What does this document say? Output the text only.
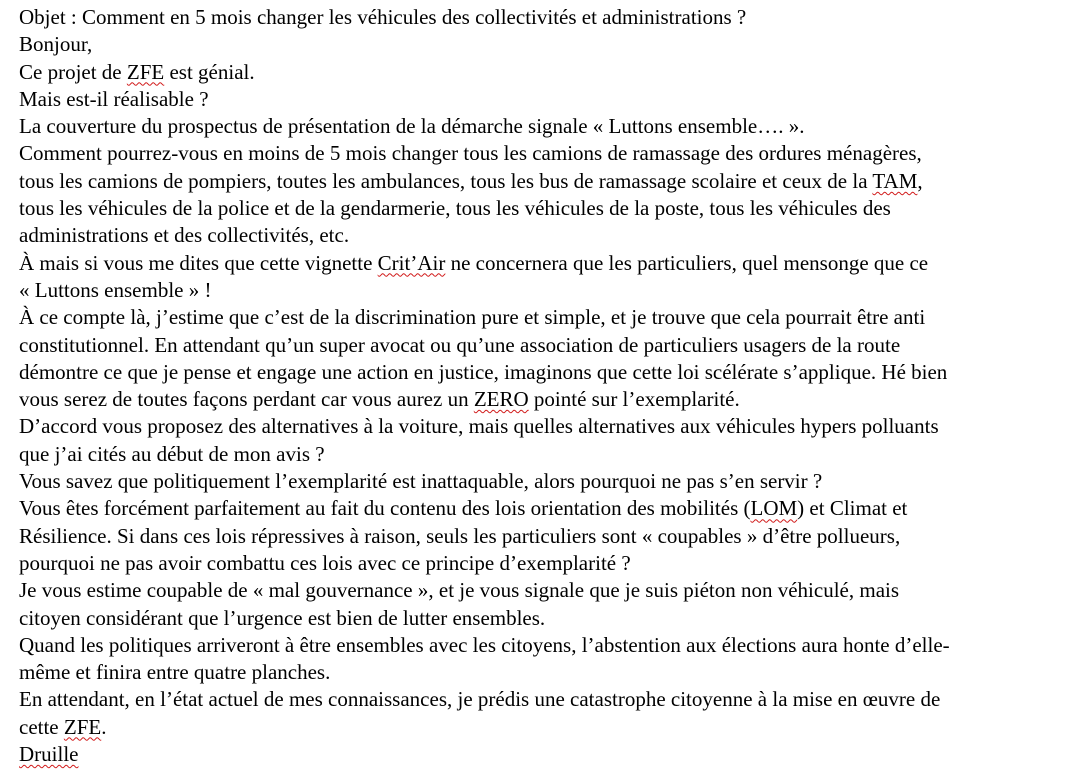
Objet : Comment en 5 mois changer les véhicules des collectivités et administrations ?

Bonjour,

Ce projet de ZFE est génial.

Mais est-il réalisable ?

La couverture du prospectus de présentation de la démarche signale « Luttons ensemble…. ».

Comment pourrez-vous en moins de 5 mois changer tous les camions de ramassage des ordures ménagères,
tous les camions de pompiers, toutes les ambulances, tous les bus de ramassage scolaire et ceux de la TAM,
tous les véhicules de la police et de la gendarmerie, tous les véhicules de la poste, tous les véhicules des
administrations et des collectivités, etc.

À mais si vous me dites que cette vignette Crit’Air ne concernera que les particuliers, quel mensonge que ce
« Luttons ensemble » !

À ce compte là, j’estime que c’est de la discrimination pure et simple, et je trouve que cela pourrait être anti
constitutionnel. En attendant qu’un super avocat ou qu’une association de particuliers usagers de la route
démontre ce que je pense et engage une action en justice, imaginons que cette loi scélérate s’applique. Hé bien
vous serez de toutes façons perdant car vous aurez un ZERO pointé sur l’exemplarité.

D’accord vous proposez des alternatives à la voiture, mais quelles alternatives aux véhicules hypers polluants
que j’ai cités au début de mon avis ?

Vous savez que politiquement l’exemplarité est inattaquable, alors pourquoi ne pas s’en servir ?

Vous êtes forcément parfaitement au fait du contenu des lois orientation des mobilités (LOM) et Climat et
Résilience. Si dans ces lois répressives à raison, seuls les particuliers sont « coupables » d’être pollueurs,
pourquoi ne pas avoir combattu ces lois avec ce principe d’exemplarité ?

Je vous estime coupable de « mal gouvernance », et je vous signale que je suis piéton non véhiculé, mais
citoyen considérant que l’urgence est bien de lutter ensembles.

Quand les politiques arriveront à être ensembles avec les citoyens, l’abstention aux élections aura honte d’elle-
même et finira entre quatre planches.

En attendant, en l’état actuel de mes connaissances, je prédis une catastrophe citoyenne à la mise en œuvre de
cette ZFE.

Druille
